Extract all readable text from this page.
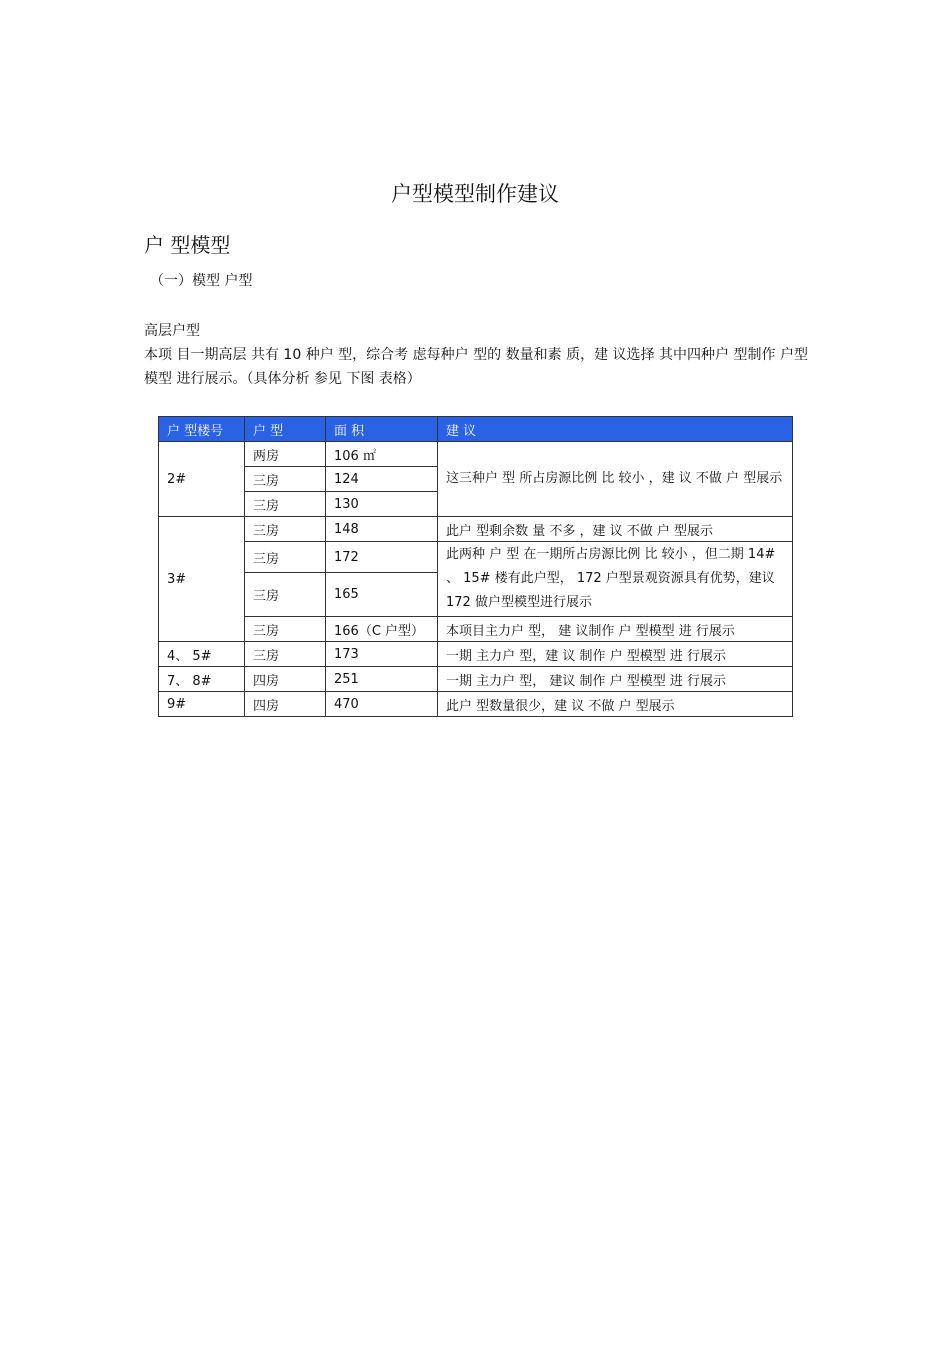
户型模型制作建议
户 型模型

（一）模型 户型

高层户型

本项 目一期高层 共有 10 种户 型，综合考 虑每种户 型的 数量和素 质，建 议选择 其中四种户 型制作 户型模型 进行展示。（具体分析 参见 下图 表格）

户 型楼号	户 型	面 积	建 议
2#	两房	106 ㎡	这三种户 型 所占房源比例 比 较小 ，建 议 不做 户 型展示
	三房	124	
	三房	130	
3#	三房	148	此户 型剩余数 量 不多 ，建 议 不做 户 型展示
	三房	172	此两种 户 型 在一期所占房源比例 比 较小 ，但二期 14# 、 15# 楼有此户型， 172 户型景观资源具有优势，建议 172 做户型模型进行展示
	三房	165	
	三房	166（C 户型）	本项目主力户 型， 建 议制作 户 型模型 进 行展示
4、 5#	三房	173	一期 主力户 型，建 议 制作 户 型模型 进 行展示
7、 8#	四房	251	一期 主力户 型， 建议 制作 户 型模型 进 行展示
9#	四房	470	此户 型数量很少，建 议 不做 户 型展示
